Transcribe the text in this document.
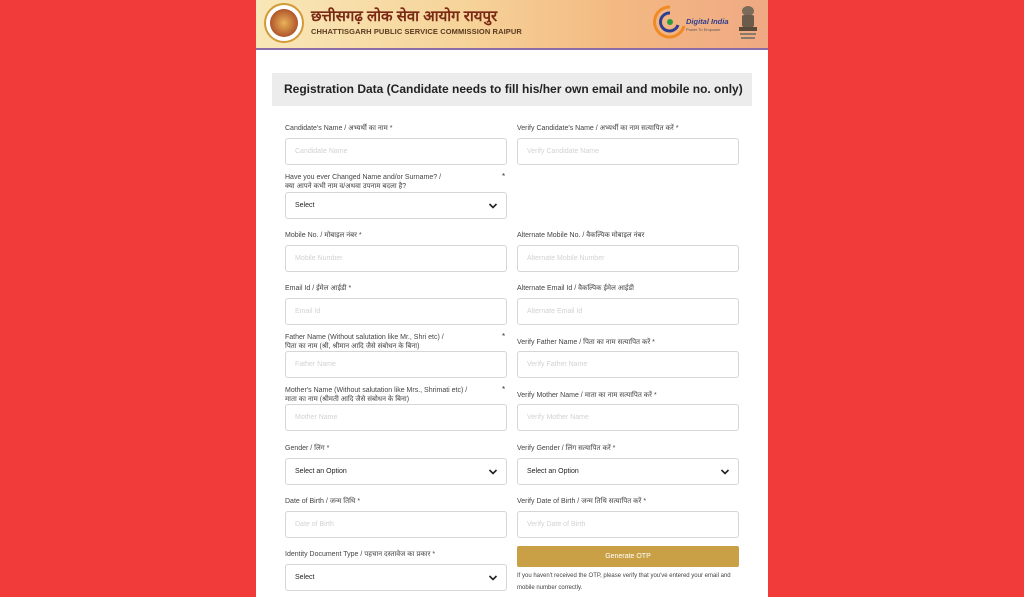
छत्तीसगढ़ लोक सेवा आयोग रायपुर
CHHATTISGARH PUBLIC SERVICE COMMISSION RAIPUR
Digital India
Power To Empower
Registration Data (Candidate needs to fill his/her own email and mobile no. only)
Candidate's Name / अभ्यर्थी का नाम *
Candidate Name
Verify Candidate's Name / अभ्यर्थी का नाम सत्यापित करें *
Verify Candidate Name
Have you ever Changed Name and/or Surname? /
क्या आपने कभी नाम व/अथवा उपनाम बदला है?
*
Select
Mobile No. / मोबाइल नंबर *
Mobile Number
Alternate Mobile No. / वैकल्पिक मोबाइल नंबर
Alternate Mobile Number
Email Id / ईमेल आईडी *
Email Id
Alternate Email Id / वैकल्पिक ईमेल आईडी
Alternate Email Id
Father Name (Without salutation like Mr., Shri etc) /
पिता का नाम (श्री, श्रीमान आदि जैसे संबोधन के बिना)
*
Father Name
Verify Father Name / पिता का नाम सत्यापित करें *
Verify Father Name
Mother's Name (Without salutation like Mrs., Shrimati etc) /
माता का नाम (श्रीमती आदि जैसे संबोधन के बिना)
*
Mother Name
Verify Mother Name / माता का नाम सत्यापित करें *
Verify Mother Name
Gender / लिंग *
Select an Option
Verify Gender / लिंग सत्यापित करें *
Select an Option
Date of Birth / जन्म तिथि *
Date of Birth
Verify Date of Birth / जन्म तिथि सत्यापित करें *
Verify Date of Birth
Identity Document Type / पहचान दस्तावेज का प्रकार *
Select
Generate OTP
If you haven't received the OTP, please verify that you've entered your email and mobile number correctly.
